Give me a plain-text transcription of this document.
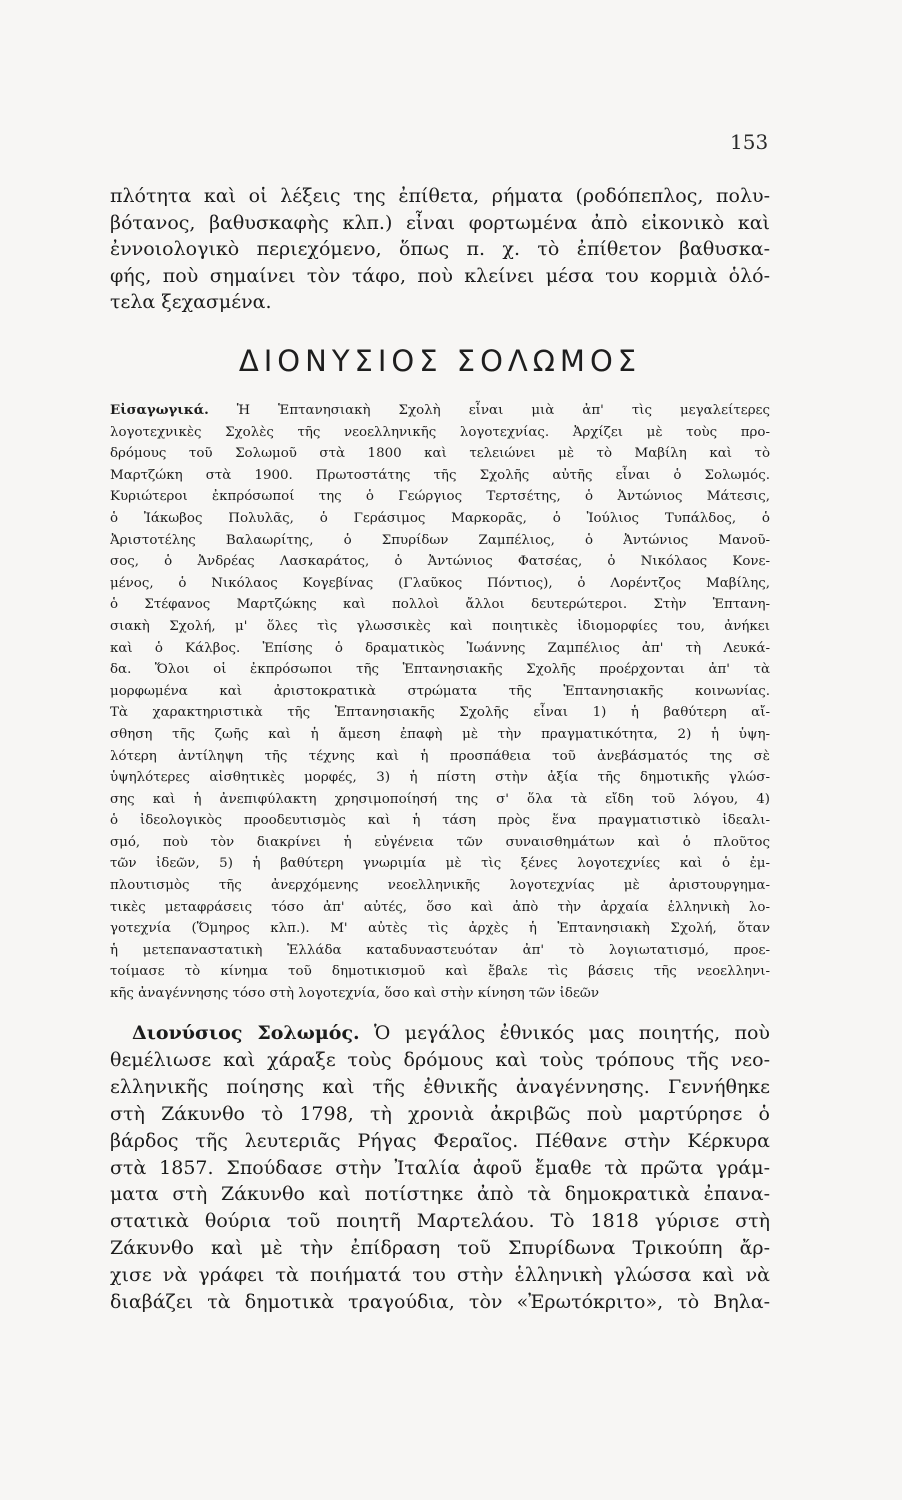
153
πλότητα καὶ οἱ λέξεις της ἐπίθετα, ρήματα (ροδόπεπλος, πολυ-
βότανος, βαθυσκαφὴς κλπ.) εἶναι φορτωμένα ἀπὸ εἰκονικὸ καὶ
ἐννοιολογικὸ περιεχόμενο, ὅπως π. χ. τὸ ἐπίθετον βαθυσκα-
φής, ποὺ σημαίνει τὸν τάφο, ποὺ κλείνει μέσα του κορμιὰ ὁλό-
τελα ξεχασμένα.
ΔΙΟΝΥΣΙΟΣ ΣΟΛΩΜΟΣ
Εἰσαγωγικά. Ἡ Ἑπτανησιακὴ Σχολὴ εἶναι μιὰ ἀπ' τὶς μεγαλείτερες
λογοτεχνικὲς Σχολὲς τῆς νεοελληνικῆς λογοτεχνίας. Ἀρχίζει μὲ τοὺς προ-
δρόμους τοῦ Σολωμοῦ στὰ 1800 καὶ τελειώνει μὲ τὸ Μαβίλη καὶ τὸ
Μαρτζώκη στὰ 1900. Πρωτοστάτης τῆς Σχολῆς αὐτῆς εἶναι ὁ Σολωμός.
Κυριώτεροι ἐκπρόσωποί της ὁ Γεώργιος Τερτσέτης, ὁ Ἀντώνιος Μάτεσις,
ὁ Ἰάκωβος Πολυλᾶς, ὁ Γεράσιμος Μαρκορᾶς, ὁ Ἰούλιος Τυπάλδος, ὁ
Ἀριστοτέλης Βαλαωρίτης, ὁ Σπυρίδων Ζαμπέλιος, ὁ Ἀντώνιος Μανοῦ-
σος, ὁ Ἀνδρέας Λασκαράτος, ὁ Ἀντώνιος Φατσέας, ὁ Νικόλαος Κονε-
μένος, ὁ Νικόλαος Κογεβίνας (Γλαῦκος Πόντιος), ὁ Λορέντζος Μαβίλης,
ὁ Στέφανος Μαρτζώκης καὶ πολλοὶ ἄλλοι δευτερώτεροι. Στὴν Ἑπτανη-
σιακὴ Σχολή, μ' ὅλες τὶς γλωσσικὲς καὶ ποιητικὲς ἰδιομορφίες του, ἀνήκει
καὶ ὁ Κάλβος. Ἐπίσης ὁ δραματικὸς Ἰωάννης Ζαμπέλιος ἀπ' τὴ Λευκά-
δα. Ὅλοι οἱ ἐκπρόσωποι τῆς Ἑπτανησιακῆς Σχολῆς προέρχονται ἀπ' τὰ
μορφωμένα καὶ ἀριστοκρατικὰ στρώματα τῆς Ἑπτανησιακῆς κοινωνίας.
Τὰ χαρακτηριστικὰ τῆς Ἑπτανησιακῆς Σχολῆς εἶναι 1) ἡ βαθύτερη αἴ-
σθηση τῆς ζωῆς καὶ ἡ ἄμεση ἐπαφὴ μὲ τὴν πραγματικότητα, 2) ἡ ὑψη-
λότερη ἀντίληψη τῆς τέχνης καὶ ἡ προσπάθεια τοῦ ἀνεβάσματός της σὲ
ὑψηλότερες αἰσθητικὲς μορφές, 3) ἡ πίστη στὴν ἀξία τῆς δημοτικῆς γλώσ-
σης καὶ ἡ ἀνεπιφύλακτη χρησιμοποίησή της σ' ὅλα τὰ εἴδη τοῦ λόγου, 4)
ὁ ἰδεολογικὸς προοδευτισμὸς καὶ ἡ τάση πρὸς ἕνα πραγματιστικὸ ἰδεαλι-
σμό, ποὺ τὸν διακρίνει ἡ εὐγένεια τῶν συναισθημάτων καὶ ὁ πλοῦτος
τῶν ἰδεῶν, 5) ἡ βαθύτερη γνωριμία μὲ τὶς ξένες λογοτεχνίες καὶ ὁ ἐμ-
πλουτισμὸς τῆς ἀνερχόμενης νεοελληνικῆς λογοτεχνίας μὲ ἀριστουργημα-
τικὲς μεταφράσεις τόσο ἀπ' αὐτές, ὅσο καὶ ἀπὸ τὴν ἀρχαία ἑλληνικὴ λο-
γοτεχνία (Ὅμηρος κλπ.). Μ' αὐτὲς τὶς ἀρχὲς ἡ Ἑπτανησιακὴ Σχολή, ὅταν
ἡ μετεπαναστατικὴ Ἑλλάδα καταδυναστευόταν ἀπ' τὸ λογιωτατισμό, προε-
τοίμασε τὸ κίνημα τοῦ δημοτικισμοῦ καὶ ἔβαλε τὶς βάσεις τῆς νεοελληνι-
κῆς ἀναγέννησης τόσο στὴ λογοτεχνία, ὅσο καὶ στὴν κίνηση τῶν ἰδεῶν
Διονύσιος Σολωμός. Ὁ μεγάλος ἐθνικός μας ποιητής, ποὺ
θεμέλιωσε καὶ χάραξε τοὺς δρόμους καὶ τοὺς τρόπους τῆς νεο-
ελληνικῆς ποίησης καὶ τῆς ἐθνικῆς ἀναγέννησης. Γεννήθηκε
στὴ Ζάκυνθο τὸ 1798, τὴ χρονιὰ ἀκριβῶς ποὺ μαρτύρησε ὁ
βάρδος τῆς λευτεριᾶς Ρήγας Φεραῖος. Πέθανε στὴν Κέρκυρα
στὰ 1857. Σπούδασε στὴν Ἰταλία ἀφοῦ ἔμαθε τὰ πρῶτα γράμ-
ματα στὴ Ζάκυνθο καὶ ποτίστηκε ἀπὸ τὰ δημοκρατικὰ ἐπανα-
στατικὰ θούρια τοῦ ποιητῆ Μαρτελάου. Τὸ 1818 γύρισε στὴ
Ζάκυνθο καὶ μὲ τὴν ἐπίδραση τοῦ Σπυρίδωνα Τρικούπη ἄρ-
χισε νὰ γράφει τὰ ποιήματά του στὴν ἑλληνικὴ γλώσσα καὶ νὰ
διαβάζει τὰ δημοτικὰ τραγούδια, τὸν «Ἐρωτόκριτο», τὸ Βηλα-
